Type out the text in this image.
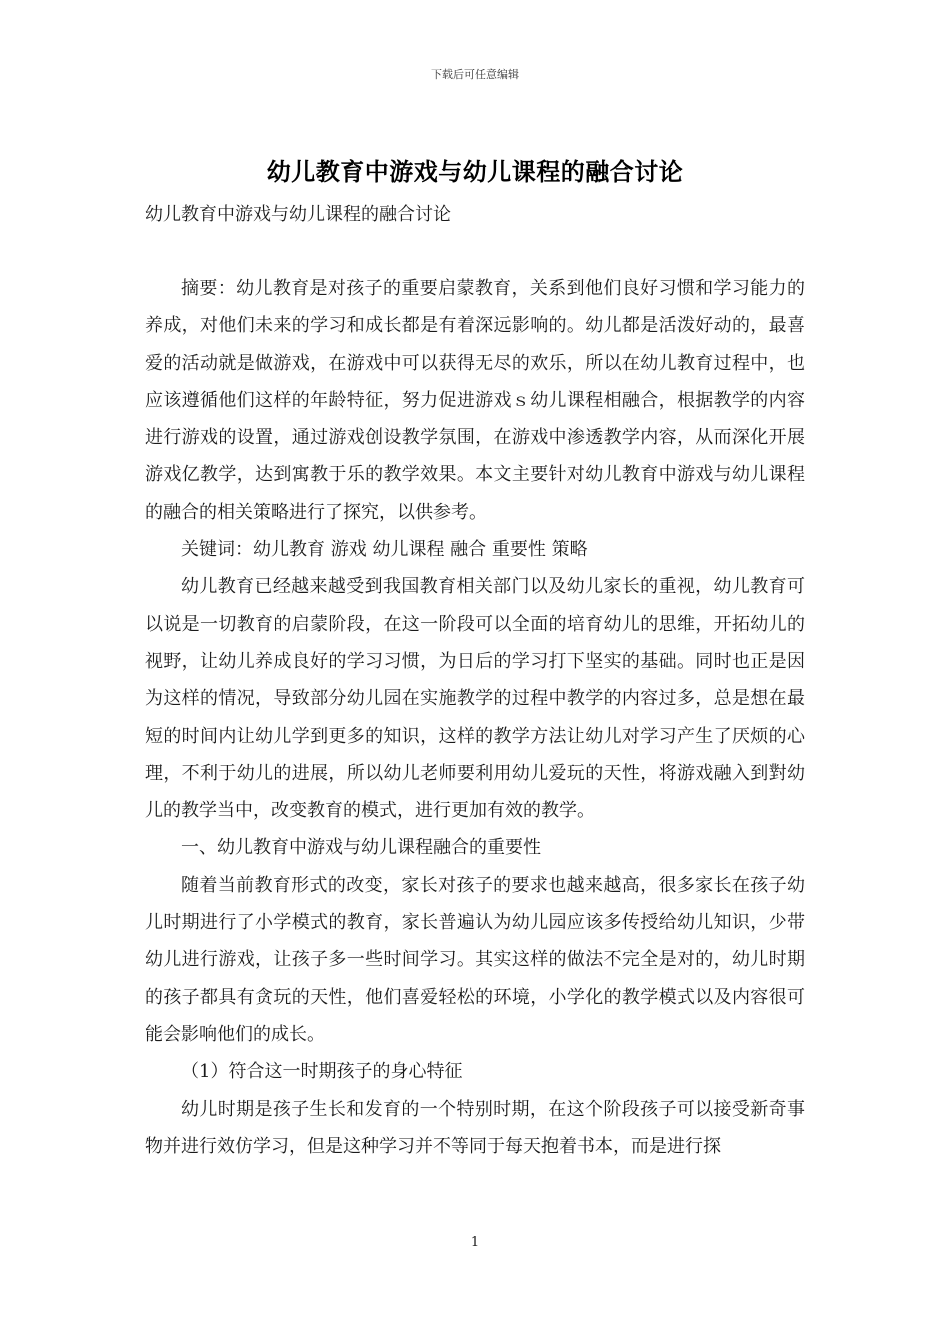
下载后可任意编辑
幼儿教育中游戏与幼儿课程的融合讨论
幼儿教育中游戏与幼儿课程的融合讨论

摘要：幼儿教育是对孩子的重要启蒙教育，关系到他们良好习惯和学习能力的养成，对他们未来的学习和成长都是有着深远影响的。幼儿都是活泼好动的，最喜爱的活动就是做游戏，在游戏中可以获得无尽的欢乐，所以在幼儿教育过程中，也应该遵循他们这样的年龄特征，努力促进游戏ｓ幼儿课程相融合，根据教学的内容进行游戏的设置，通过游戏创设教学氛围，在游戏中渗透教学内容，从而深化开展游戏亿教学，达到寓教于乐的教学效果。本文主要针对幼儿教育中游戏与幼儿课程的融合的相关策略进行了探究，以供参考。

关键词：幼儿教育 游戏 幼儿课程 融合 重要性 策略

幼儿教育已经越来越受到我国教育相关部门以及幼儿家长的重视，幼儿教育可以说是一切教育的启蒙阶段，在这一阶段可以全面的培育幼儿的思维，开拓幼儿的视野，让幼儿养成良好的学习习惯，为日后的学习打下坚实的基础。同时也正是因为这样的情况，导致部分幼儿园在实施教学的过程中教学的内容过多，总是想在最短的时间内让幼儿学到更多的知识，这样的教学方法让幼儿对学习产生了厌烦的心理，不利于幼儿的进展，所以幼儿老师要利用幼儿爱玩的天性，将游戏融入到對幼儿的教学当中，改变教育的模式，进行更加有效的教学。

一、幼儿教育中游戏与幼儿课程融合的重要性

随着当前教育形式的改变，家长对孩子的要求也越来越高，很多家长在孩子幼儿时期进行了小学模式的教育，家长普遍认为幼儿园应该多传授给幼儿知识，少带幼儿进行游戏，让孩子多一些时间学习。其实这样的做法不完全是对的，幼儿时期的孩子都具有贪玩的天性，他们喜爱轻松的环境，小学化的教学模式以及内容很可能会影响他们的成长。

（1）符合这一时期孩子的身心特征

幼儿时期是孩子生长和发育的一个特别时期，在这个阶段孩子可以接受新奇事物并进行效仿学习，但是这种学习并不等同于每天抱着书本，而是进行探

1
